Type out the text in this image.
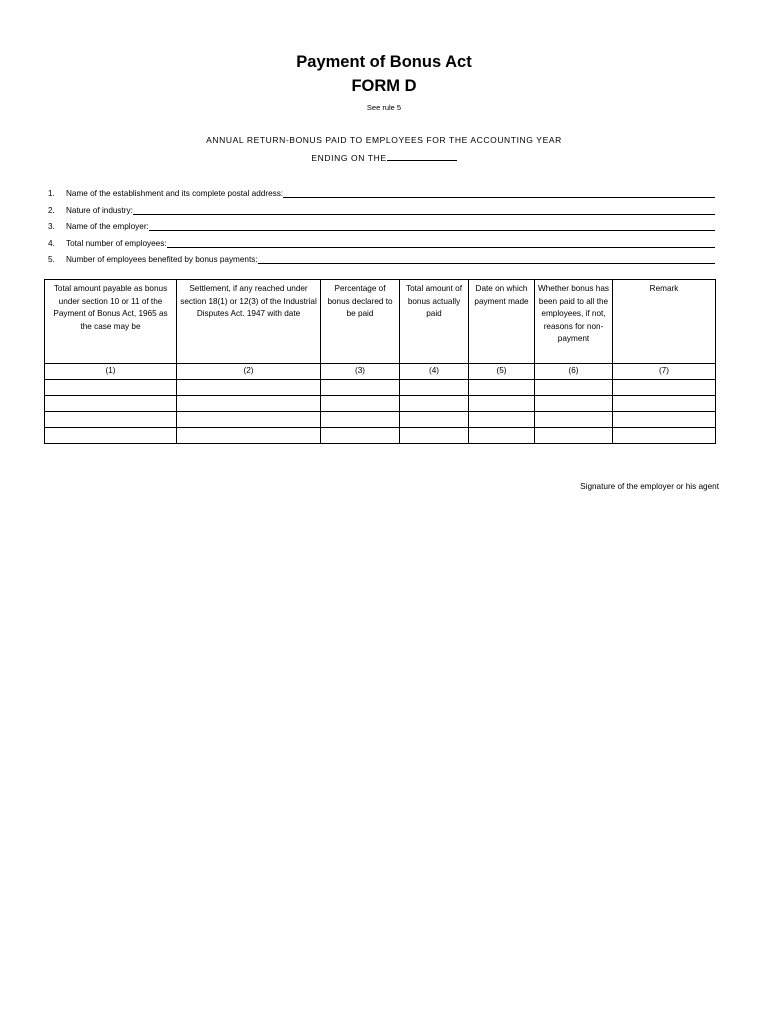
Payment of Bonus Act
FORM D
See rule 5
ANNUAL RETURN-BONUS PAID TO EMPLOYEES FOR THE ACCOUNTING YEAR
ENDING ON THE
1.	Name of the establishment and its complete postal address:
2.	Nature of industry:
3.	Name of the employer:
4.	Total number of employees:
5.	Number of employees benefited by bonus payments:
Total amount payable as bonus under section 10 or 11 of the Payment of Bonus Act, 1965 as the case may be	Settlement, if any reached under section 18(1) or 12(3) of the Industrial Disputes Act. 1947 with date	Percentage of bonus declared to be paid	Total amount of bonus actually paid	Date on which payment made	Whether bonus has been paid to all the employees, if not, reasons for non-payment	Remark
(1)	(2)	(3)	(4)	(5)	(6)	(7)

Signature of the employer or his agent
